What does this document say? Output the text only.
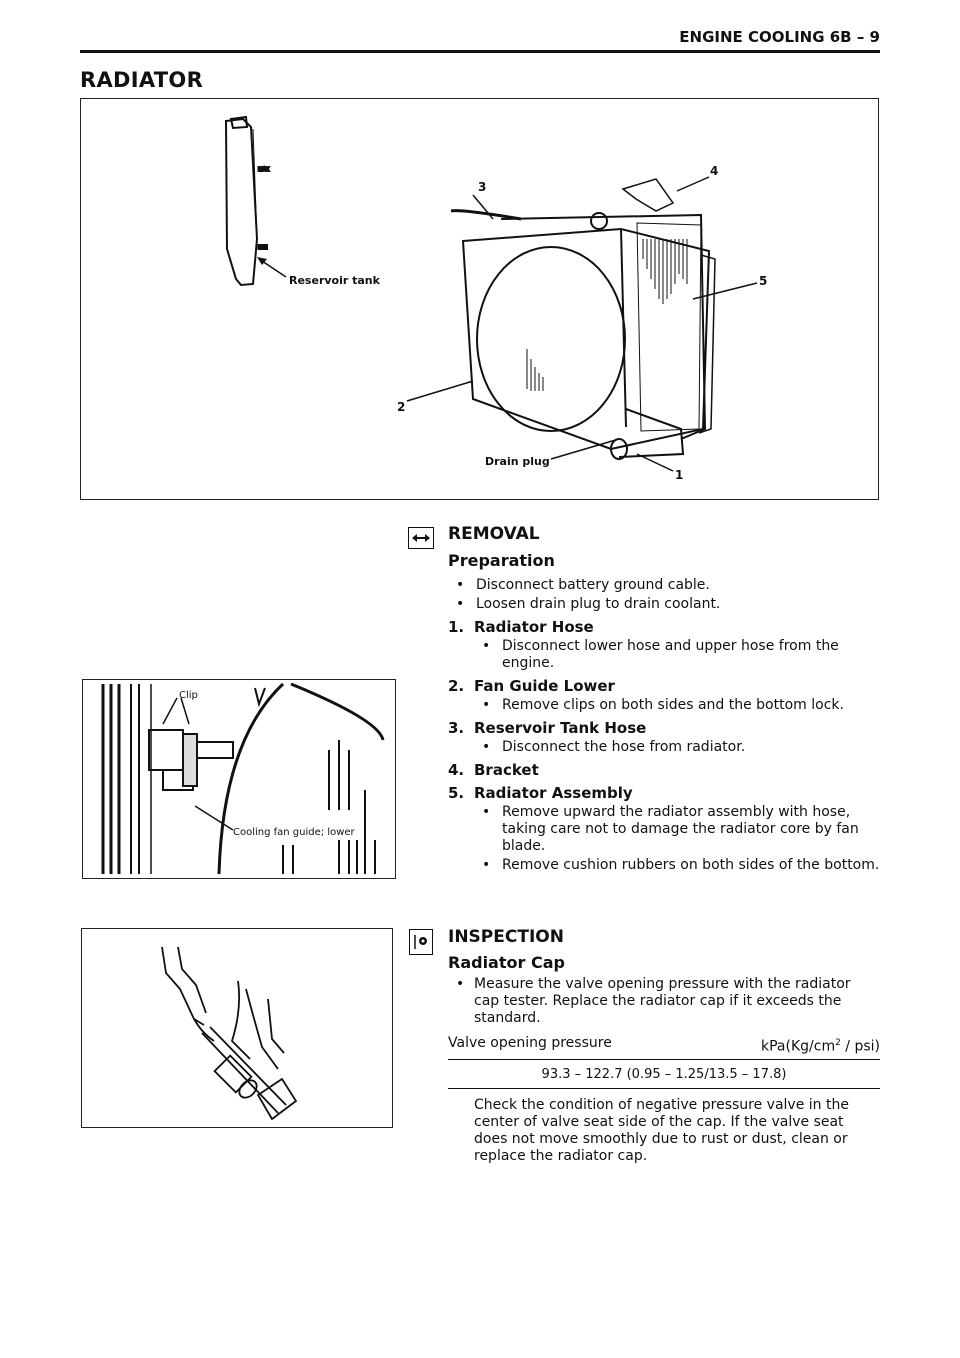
ENGINE COOLING 6B – 9
RADIATOR
MAX
MIN
Reservoir tank
3
4
5
2
Drain plug
1
Clip
Cooling fan guide; lower
REMOVAL
Preparation
• Disconnect battery ground cable.
• Loosen drain plug to drain coolant.
1. Radiator Hose
• Disconnect lower hose and upper hose from the engine.
2. Fan Guide Lower
• Remove clips on both sides and the bottom lock.
3. Reservoir Tank Hose
• Disconnect the hose from radiator.
4. Bracket
5. Radiator Assembly
• Remove upward the radiator assembly with hose, taking care not to damage the radiator core by fan blade.
• Remove cushion rubbers on both sides of the bottom.
INSPECTION
Radiator Cap
• Measure the valve opening pressure with the radiator cap tester. Replace the radiator cap if it exceeds the standard.
Valve opening pressure	$kPa(Kg/cm^2 / psi)$
93.3 – 122.7 (0.95 – 1.25/13.5 – 17.8)
Check the condition of negative pressure valve in the center of valve seat side of the cap. If the valve seat does not move smoothly due to rust or dust, clean or replace the radiator cap.
